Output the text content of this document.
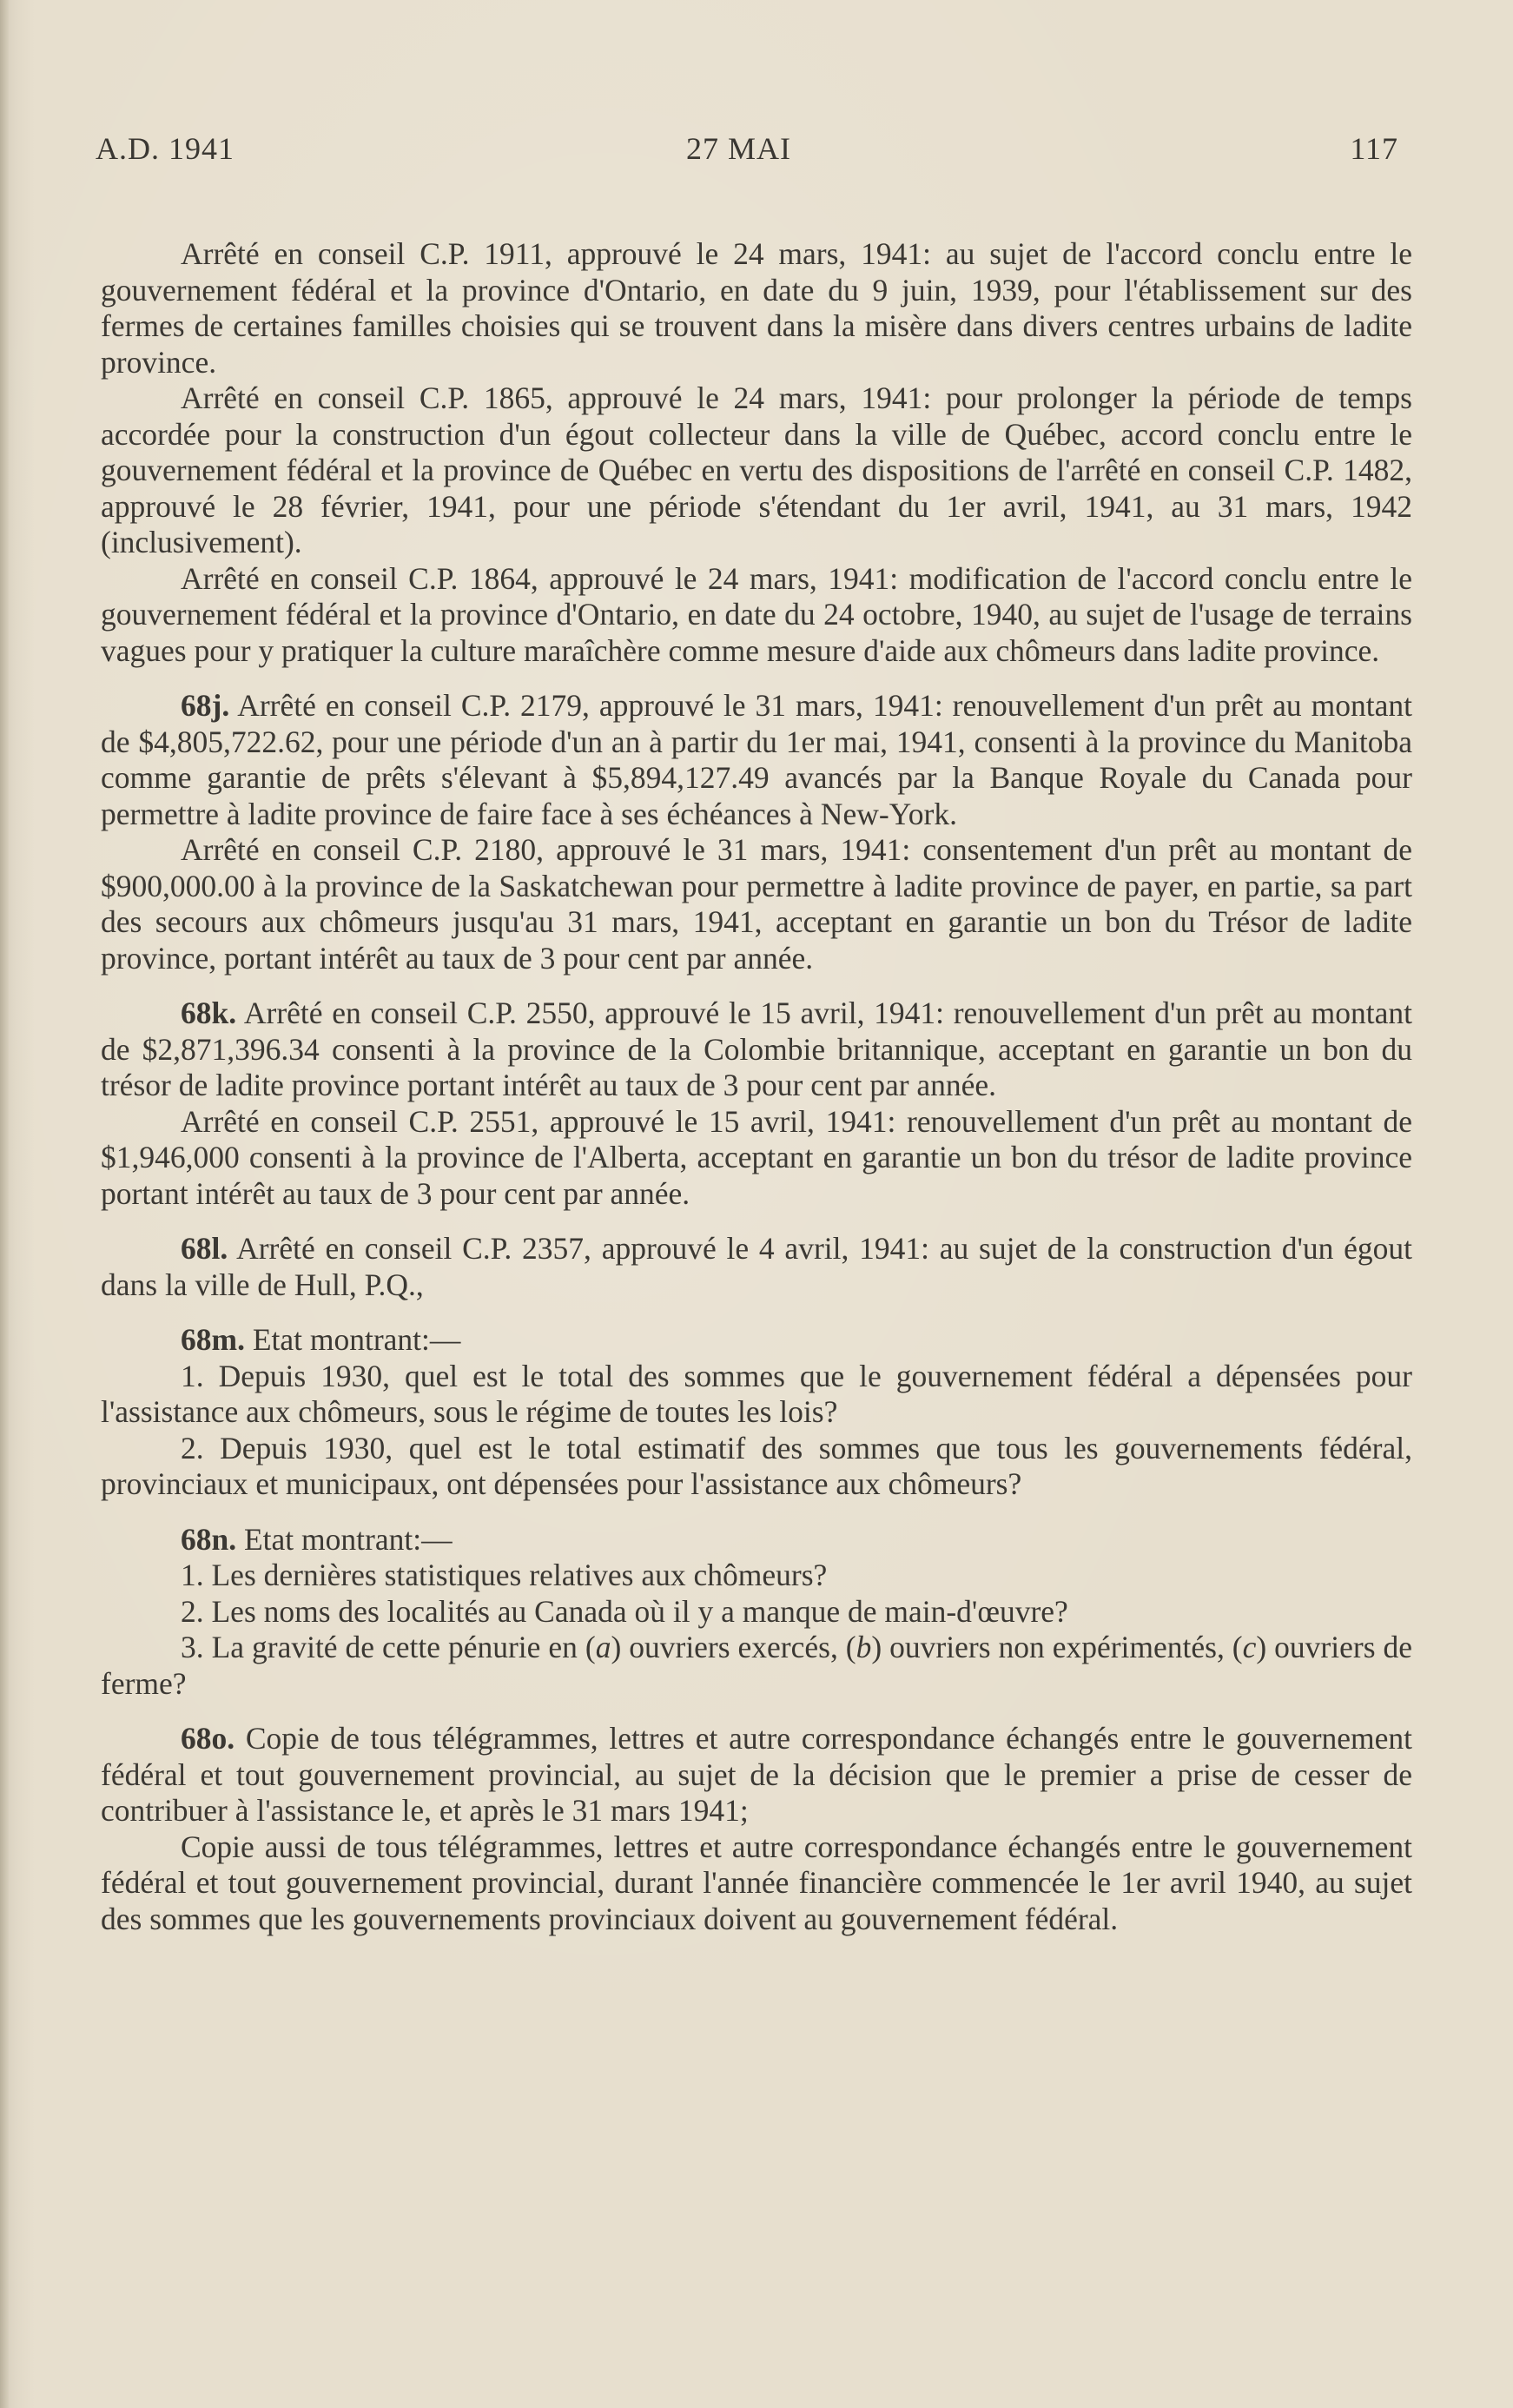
A.D. 1941	27 MAI	117

Arrêté en conseil C.P. 1911, approuvé le 24 mars, 1941: au sujet de l'accord conclu entre le gouvernement fédéral et la province d'Ontario, en date du 9 juin, 1939, pour l'établissement sur des fermes de certaines familles choisies qui se trouvent dans la misère dans divers centres urbains de ladite province.

Arrêté en conseil C.P. 1865, approuvé le 24 mars, 1941: pour prolonger la période de temps accordée pour la construction d'un égout collecteur dans la ville de Québec, accord conclu entre le gouvernement fédéral et la province de Québec en vertu des dispositions de l'arrêté en conseil C.P. 1482, approuvé le 28 février, 1941, pour une période s'étendant du 1er avril, 1941, au 31 mars, 1942 (inclusivement).

Arrêté en conseil C.P. 1864, approuvé le 24 mars, 1941: modification de l'accord conclu entre le gouvernement fédéral et la province d'Ontario, en date du 24 octobre, 1940, au sujet de l'usage de terrains vagues pour y pratiquer la culture maraîchère comme mesure d'aide aux chômeurs dans ladite province.

68j. Arrêté en conseil C.P. 2179, approuvé le 31 mars, 1941: renouvellement d'un prêt au montant de $4,805,722.62, pour une période d'un an à partir du 1er mai, 1941, consenti à la province du Manitoba comme garantie de prêts s'élevant à $5,894,127.49 avancés par la Banque Royale du Canada pour permettre à ladite province de faire face à ses échéances à New-York.

Arrêté en conseil C.P. 2180, approuvé le 31 mars, 1941: consentement d'un prêt au montant de $900,000.00 à la province de la Saskatchewan pour permettre à ladite province de payer, en partie, sa part des secours aux chômeurs jusqu'au 31 mars, 1941, acceptant en garantie un bon du Trésor de ladite province, portant intérêt au taux de 3 pour cent par année.

68k. Arrêté en conseil C.P. 2550, approuvé le 15 avril, 1941: renouvellement d'un prêt au montant de $2,871,396.34 consenti à la province de la Colombie britannique, acceptant en garantie un bon du trésor de ladite province portant intérêt au taux de 3 pour cent par année.

Arrêté en conseil C.P. 2551, approuvé le 15 avril, 1941: renouvellement d'un prêt au montant de $1,946,000 consenti à la province de l'Alberta, acceptant en garantie un bon du trésor de ladite province portant intérêt au taux de 3 pour cent par année.

68l. Arrêté en conseil C.P. 2357, approuvé le 4 avril, 1941: au sujet de la construction d'un égout dans la ville de Hull, P.Q.,

68m. Etat montrant:—

1. Depuis 1930, quel est le total des sommes que le gouvernement fédéral a dépensées pour l'assistance aux chômeurs, sous le régime de toutes les lois?

2. Depuis 1930, quel est le total estimatif des sommes que tous les gouvernements fédéral, provinciaux et municipaux, ont dépensées pour l'assistance aux chômeurs?

68n. Etat montrant:—

1. Les dernières statistiques relatives aux chômeurs?

2. Les noms des localités au Canada où il y a manque de main-d'œuvre?

3. La gravité de cette pénurie en (a) ouvriers exercés, (b) ouvriers non expérimentés, (c) ouvriers de ferme?

68o. Copie de tous télégrammes, lettres et autre correspondance échangés entre le gouvernement fédéral et tout gouvernement provincial, au sujet de la décision que le premier a prise de cesser de contribuer à l'assistance le, et après le 31 mars 1941;

Copie aussi de tous télégrammes, lettres et autre correspondance échangés entre le gouvernement fédéral et tout gouvernement provincial, durant l'année financière commencée le 1er avril 1940, au sujet des sommes que les gouvernements provinciaux doivent au gouvernement fédéral.
